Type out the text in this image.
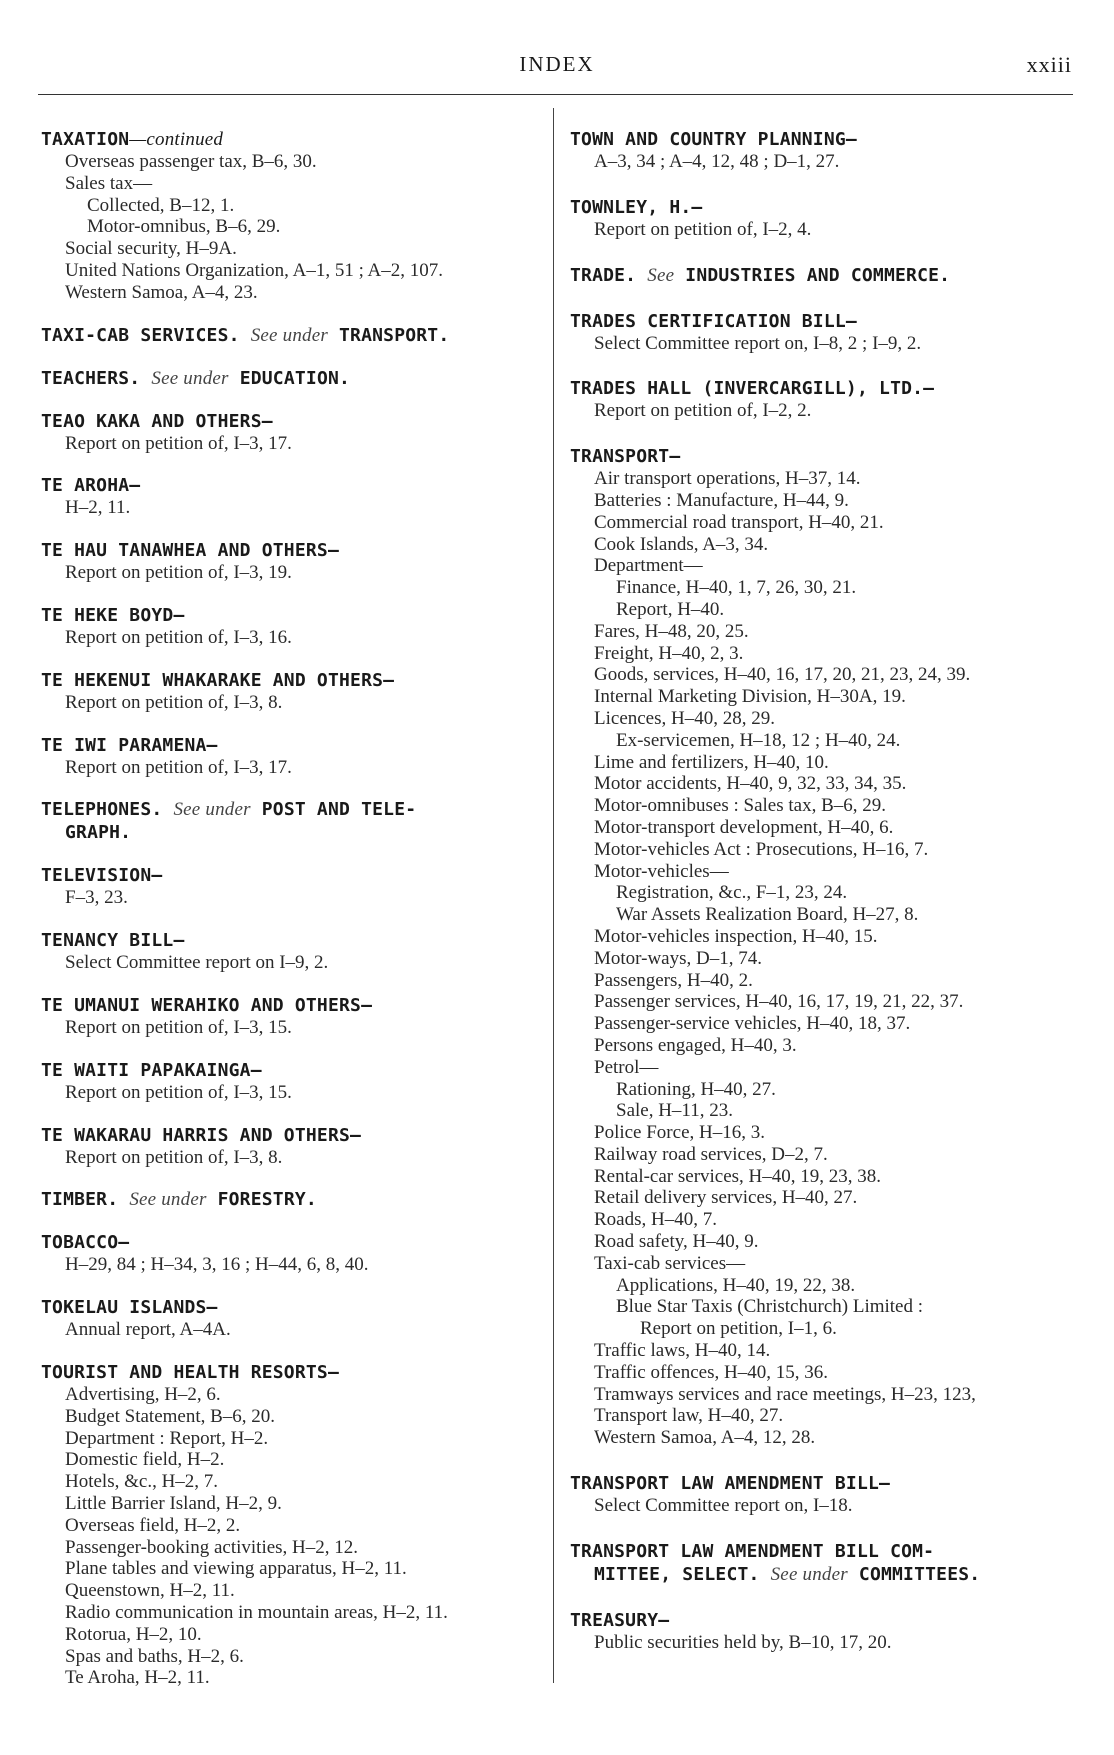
INDEX	xxiii
TAXATION—continued
Overseas passenger tax, B–6, 30.
Sales tax—
Collected, B–12, 1.
Motor-omnibus, B–6, 29.
Social security, H–9A.
United Nations Organization, A–1, 51 ; A–2, 107.
Western Samoa, A–4, 23.
TAXI-CAB SERVICES. See under TRANSPORT.
TEACHERS. See under EDUCATION.
TEAO KAKA AND OTHERS—
Report on petition of, I–3, 17.
TE AROHA—
H–2, 11.
TE HAU TANAWHEA AND OTHERS—
Report on petition of, I–3, 19.
TE HEKE BOYD—
Report on petition of, I–3, 16.
TE HEKENUI WHAKARAKE AND OTHERS—
Report on petition of, I–3, 8.
TE IWI PARAMENA—
Report on petition of, I–3, 17.
TELEPHONES. See under POST AND TELE-
GRAPH.
TELEVISION—
F–3, 23.
TENANCY BILL—
Select Committee report on I–9, 2.
TE UMANUI WERAHIKO AND OTHERS—
Report on petition of, I–3, 15.
TE WAITI PAPAKAINGA—
Report on petition of, I–3, 15.
TE WAKARAU HARRIS AND OTHERS—
Report on petition of, I–3, 8.
TIMBER. See under FORESTRY.
TOBACCO—
H–29, 84 ; H–34, 3, 16 ; H–44, 6, 8, 40.
TOKELAU ISLANDS—
Annual report, A–4A.
TOURIST AND HEALTH RESORTS—
Advertising, H–2, 6.
Budget Statement, B–6, 20.
Department : Report, H–2.
Domestic field, H–2.
Hotels, &c., H–2, 7.
Little Barrier Island, H–2, 9.
Overseas field, H–2, 2.
Passenger-booking activities, H–2, 12.
Plane tables and viewing apparatus, H–2, 11.
Queenstown, H–2, 11.
Radio communication in mountain areas, H–2, 11.
Rotorua, H–2, 10.
Spas and baths, H–2, 6.
Te Aroha, H–2, 11.
TOWN AND COUNTRY PLANNING—
A–3, 34 ; A–4, 12, 48 ; D–1, 27.
TOWNLEY, H.—
Report on petition of, I–2, 4.
TRADE. See INDUSTRIES AND COMMERCE.
TRADES CERTIFICATION BILL—
Select Committee report on, I–8, 2 ; I–9, 2.
TRADES HALL (INVERCARGILL), LTD.—
Report on petition of, I–2, 2.
TRANSPORT—
Air transport operations, H–37, 14.
Batteries : Manufacture, H–44, 9.
Commercial road transport, H–40, 21.
Cook Islands, A–3, 34.
Department—
Finance, H–40, 1, 7, 26, 30, 21.
Report, H–40.
Fares, H–48, 20, 25.
Freight, H–40, 2, 3.
Goods, services, H–40, 16, 17, 20, 21, 23, 24, 39.
Internal Marketing Division, H–30A, 19.
Licences, H–40, 28, 29.
Ex-servicemen, H–18, 12 ; H–40, 24.
Lime and fertilizers, H–40, 10.
Motor accidents, H–40, 9, 32, 33, 34, 35.
Motor-omnibuses : Sales tax, B–6, 29.
Motor-transport development, H–40, 6.
Motor-vehicles Act : Prosecutions, H–16, 7.
Motor-vehicles—
Registration, &c., F–1, 23, 24.
War Assets Realization Board, H–27, 8.
Motor-vehicles inspection, H–40, 15.
Motor-ways, D–1, 74.
Passengers, H–40, 2.
Passenger services, H–40, 16, 17, 19, 21, 22, 37.
Passenger-service vehicles, H–40, 18, 37.
Persons engaged, H–40, 3.
Petrol—
Rationing, H–40, 27.
Sale, H–11, 23.
Police Force, H–16, 3.
Railway road services, D–2, 7.
Rental-car services, H–40, 19, 23, 38.
Retail delivery services, H–40, 27.
Roads, H–40, 7.
Road safety, H–40, 9.
Taxi-cab services—
Applications, H–40, 19, 22, 38.
Blue Star Taxis (Christchurch) Limited :
Report on petition, I–1, 6.
Traffic laws, H–40, 14.
Traffic offences, H–40, 15, 36.
Tramways services and race meetings, H–23, 123,
Transport law, H–40, 27.
Western Samoa, A–4, 12, 28.
TRANSPORT LAW AMENDMENT BILL—
Select Committee report on, I–18.
TRANSPORT LAW AMENDMENT BILL COM-
MITTEE, SELECT. See under COMMITTEES.
TREASURY—
Public securities held by, B–10, 17, 20.
